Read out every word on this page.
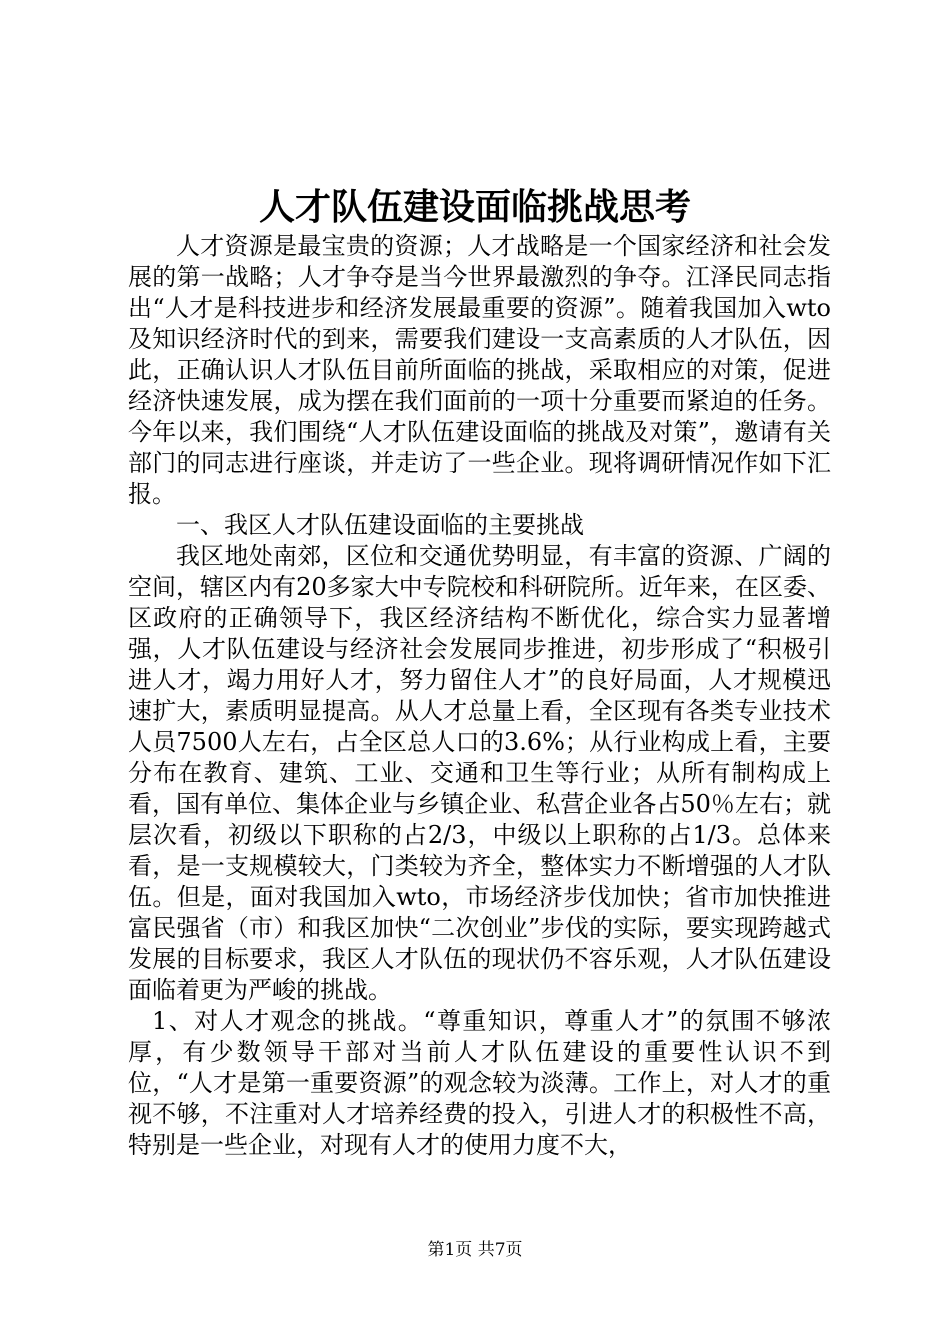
人才队伍建设面临挑战思考

人才资源是最宝贵的资源；人才战略是一个国家经济和社会发展的第一战略；人才争夺是当今世界最激烈的争夺。江泽民同志指出“人才是科技进步和经济发展最重要的资源”。随着我国加入wto及知识经济时代的到来，需要我们建设一支高素质的人才队伍，因此，正确认识人才队伍目前所面临的挑战，采取相应的对策，促进经济快速发展，成为摆在我们面前的一项十分重要而紧迫的任务。今年以来，我们围绕“人才队伍建设面临的挑战及对策”，邀请有关部门的同志进行座谈，并走访了一些企业。现将调研情况作如下汇报。

一、我区人才队伍建设面临的主要挑战

我区地处南郊，区位和交通优势明显，有丰富的资源、广阔的空间，辖区内有20多家大中专院校和科研院所。近年来，在区委、区政府的正确领导下，我区经济结构不断优化，综合实力显著增强，人才队伍建设与经济社会发展同步推进，初步形成了“积极引进人才，竭力用好人才，努力留住人才”的良好局面，人才规模迅速扩大，素质明显提高。从人才总量上看，全区现有各类专业技术人员7500人左右，占全区总人口的3.6%；从行业构成上看，主要分布在教育、建筑、工业、交通和卫生等行业；从所有制构成上看，国有单位、集体企业与乡镇企业、私营企业各占50％左右；就层次看，初级以下职称的占2/3，中级以上职称的占1/3。总体来看，是一支规模较大，门类较为齐全，整体实力不断增强的人才队伍。但是，面对我国加入wto，市场经济步伐加快；省市加快推进富民强省（市）和我区加快“二次创业”步伐的实际，要实现跨越式发展的目标要求，我区人才队伍的现状仍不容乐观，人才队伍建设面临着更为严峻的挑战。

1、对人才观念的挑战。“尊重知识，尊重人才”的氛围不够浓厚，有少数领导干部对当前人才队伍建设的重要性认识不到位，“人才是第一重要资源”的观念较为淡薄。工作上，对人才的重视不够，不注重对人才培养经费的投入，引进人才的积极性不高，特别是一些企业，对现有人才的使用力度不大，

第1页 共7页
